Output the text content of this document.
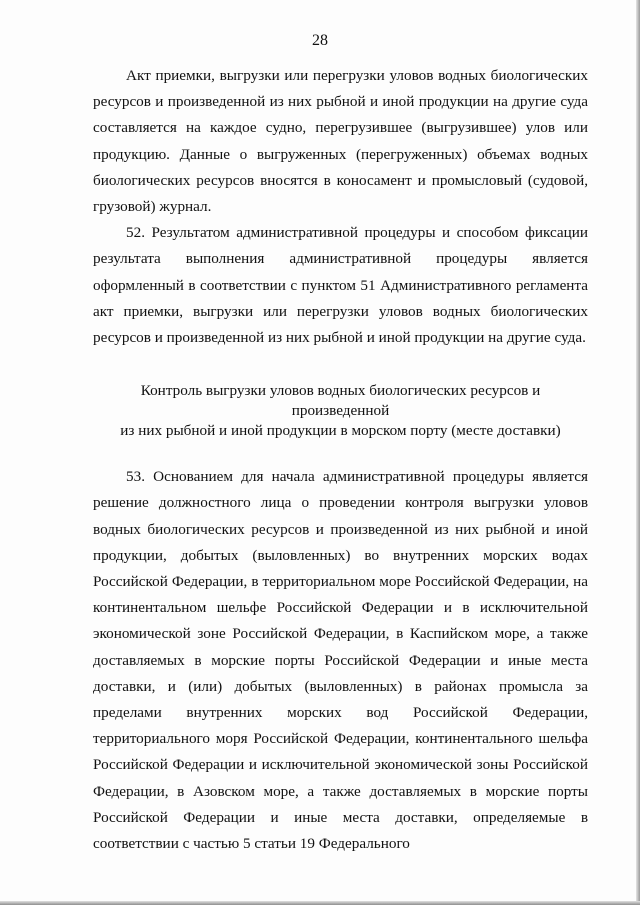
28

Акт приемки, выгрузки или перегрузки уловов водных биологических ресурсов и произведенной из них рыбной и иной продукции на другие суда составляется на каждое судно, перегрузившее (выгрузившее) улов или продукцию. Данные о выгруженных (перегруженных) объемах водных биологических ресурсов вносятся в коносамент и промысловый (судовой, грузовой) журнал.

52. Результатом административной процедуры и способом фиксации результата выполнения административной процедуры является оформленный в соответствии с пунктом 51 Административного регламента акт приемки, выгрузки или перегрузки уловов водных биологических ресурсов и произведенной из них рыбной и иной продукции на другие суда.

Контроль выгрузки уловов водных биологических ресурсов и произведенной
из них рыбной и иной продукции в морском порту (месте доставки)

53. Основанием для начала административной процедуры является решение должностного лица о проведении контроля выгрузки уловов водных биологических ресурсов и произведенной из них рыбной и иной продукции, добытых (выловленных) во внутренних морских водах Российской Федерации, в территориальном море Российской Федерации, на континентальном шельфе Российской Федерации и в исключительной экономической зоне Российской Федерации, в Каспийском море, а также доставляемых в морские порты Российской Федерации и иные места доставки, и (или) добытых (выловленных) в районах промысла за пределами внутренних морских вод Российской Федерации, территориального моря Российской Федерации, континентального шельфа Российской Федерации и исключительной экономической зоны Российской Федерации, в Азовском море, а также доставляемых в морские порты Российской Федерации и иные места доставки, определяемые в соответствии с частью 5 статьи 19 Федерального
